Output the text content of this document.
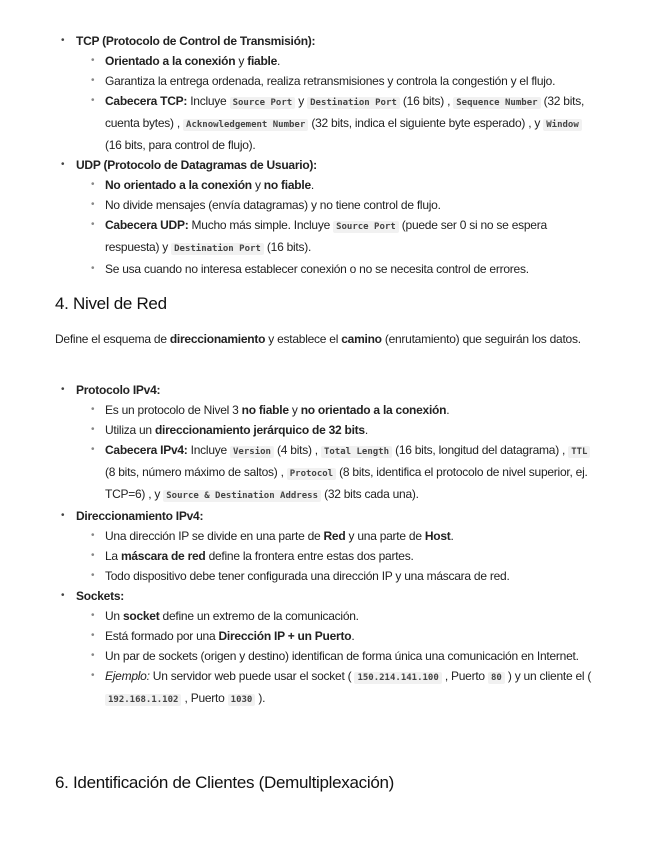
• TCP (Protocolo de Control de Transmisión):
• Orientado a la conexión y fiable.
• Garantiza la entrega ordenada, realiza retransmisiones y controla la congestión y el flujo.
• Cabecera TCP: Incluye Source Port y Destination Port (16 bits) , Sequence Number (32 bits, cuenta bytes) , Acknowledgement Number (32 bits, indica el siguiente byte esperado) , y Window (16 bits, para control de flujo).
• UDP (Protocolo de Datagramas de Usuario):
• No orientado a la conexión y no fiable.
• No divide mensajes (envía datagramas) y no tiene control de flujo.
• Cabecera UDP: Mucho más simple. Incluye Source Port (puede ser 0 si no se espera respuesta) y Destination Port (16 bits).
• Se usa cuando no interesa establecer conexión o no se necesita control de errores.
4. Nivel de Red

Define el esquema de direccionamiento y establece el camino (enrutamiento) que seguirán los datos.

• Protocolo IPv4:
• Es un protocolo de Nivel 3 no fiable y no orientado a la conexión.
• Utiliza un direccionamiento jerárquico de 32 bits.
• Cabecera IPv4: Incluye Version (4 bits) , Total Length (16 bits, longitud del datagrama) , TTL (8 bits, número máximo de saltos) , Protocol (8 bits, identifica el protocolo de nivel superior, ej. TCP=6) , y Source & Destination Address (32 bits cada una).
• Direccionamiento IPv4:
• Una dirección IP se divide en una parte de Red y una parte de Host.
• La máscara de red define la frontera entre estas dos partes.
• Todo dispositivo debe tener configurada una dirección IP y una máscara de red.
• Sockets:
• Un socket define un extremo de la comunicación.
• Está formado por una Dirección IP + un Puerto.
• Un par de sockets (origen y destino) identifican de forma única una comunicación en Internet.
• Ejemplo: Un servidor web puede usar el socket ( 150.214.141.100 , Puerto 80 ) y un cliente el ( 192.168.1.102 , Puerto 1030 ).
6. Identificación de Clientes (Demultiplexación)
